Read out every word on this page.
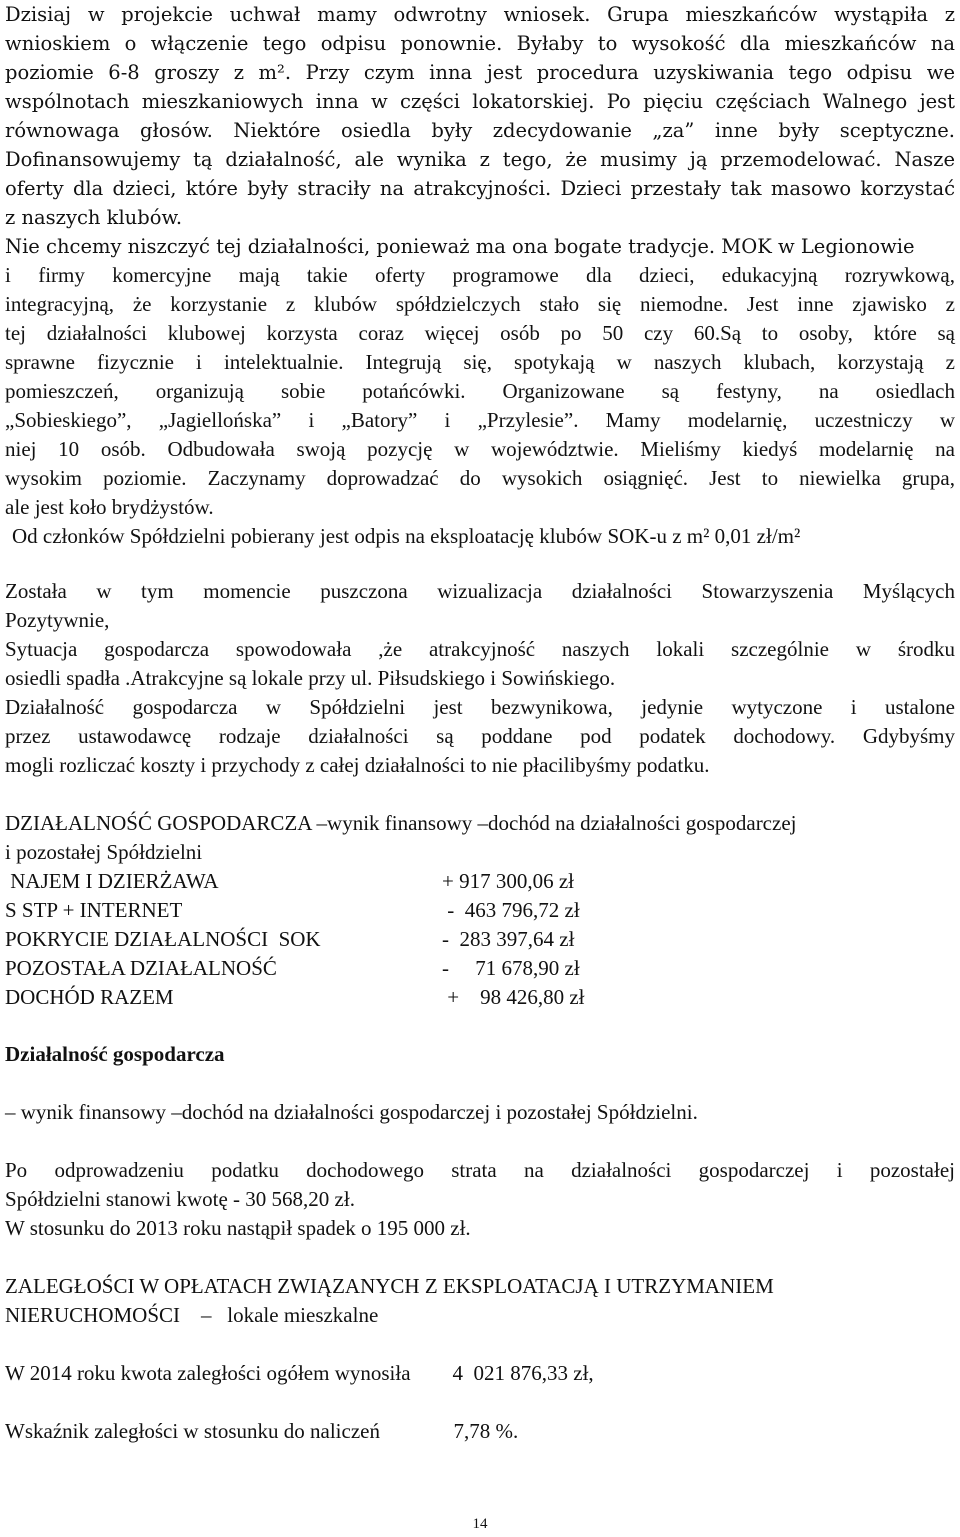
Dzisiaj w projekcie uchwał mamy odwrotny wniosek. Grupa mieszkańców wystąpiła z

wnioskiem o włączenie tego odpisu ponownie. Byłaby to wysokość dla mieszkańców na

poziomie 6-8 groszy z m². Przy czym inna jest procedura uzyskiwania tego odpisu we

wspólnotach mieszkaniowych inna w części lokatorskiej. Po pięciu częściach Walnego jest

równowaga głosów. Niektóre osiedla były zdecydowanie „za” inne były sceptyczne.

Dofinansowujemy tą działalność, ale wynika z tego, że musimy ją przemodelować. Nasze

oferty dla dzieci, które były straciły na atrakcyjności. Dzieci przestały tak masowo korzystać

z naszych klubów.

Nie chcemy niszczyć tej działalności, ponieważ ma ona bogate tradycje. MOK w Legionowie

i firmy komercyjne mają takie oferty programowe dla dzieci, edukacyjną rozrywkową,

integracyjną, że korzystanie z klubów spółdzielczych stało się niemodne. Jest inne zjawisko z

tej działalności klubowej korzysta coraz więcej osób po 50 czy 60.Są to osoby, które są

sprawne fizycznie i intelektualnie. Integrują się, spotykają w naszych klubach, korzystają z

pomieszczeń, organizują sobie potańcówki. Organizowane są festyny, na osiedlach

„Sobieskiego”, „Jagiellońska” i „Batory” i „Przylesie”. Mamy modelarnię, uczestniczy w

niej 10 osób. Odbudowała swoją pozycję w województwie. Mieliśmy kiedyś modelarnię na

wysokim poziomie. Zaczynamy doprowadzać do wysokich osiągnięć. Jest to niewielka grupa,

ale jest koło brydżystów.

Od członków Spółdzielni pobierany jest odpis na eksploatację klubów SOK-u z m² 0,01 zł/m²

Została w tym momencie puszczona wizualizacja działalności Stowarzyszenia Myślących

Pozytywnie,

Sytuacja gospodarcza spowodowała ,że atrakcyjność naszych lokali szczególnie w środku

osiedli spadła .Atrakcyjne są lokale przy ul. Piłsudskiego i Sowińskiego.

Działalność gospodarcza w Spółdzielni jest bezwynikowa, jedynie wytyczone i ustalone

przez ustawodawcę rodzaje działalności są poddane pod podatek dochodowy. Gdybyśmy

mogli rozliczać koszty i przychody z całej działalności to nie płacilibyśmy podatku.

DZIAŁALNOŚĆ GOSPODARCZA –wynik finansowy –dochód na działalności gospodarczej

i pozostałej Spółdzielni

NAJEM I DZIERŻAWA	+ 917 300,06 zł
S STP + INTERNET	-  463 796,72 zł
POKRYCIE DZIAŁALNOŚCI  SOK	-  283 397,64 zł
POZOSTAŁA DZIAŁALNOŚĆ	-     71 678,90 zł
DOCHÓD RAZEM	+    98 426,80 zł

Działalność gospodarcza

– wynik finansowy –dochód na działalności gospodarczej i pozostałej Spółdzielni.

Po odprowadzeniu podatku dochodowego strata na działalności gospodarczej i pozostałej

Spółdzielni stanowi kwotę - 30 568,20 zł.

W stosunku do 2013 roku nastąpił spadek o 195 000 zł.

ZALEGŁOŚCI W OPŁATACH ZWIĄZANYCH Z EKSPLOATACJĄ I UTRZYMANIEM

NIERUCHOMOŚCI    –   lokale mieszkalne

W 2014 roku kwota zaległości ogółem wynosiła        4  021 876,33 zł,

Wskaźnik zaległości w stosunku do naliczeń              7,78 %.

14
